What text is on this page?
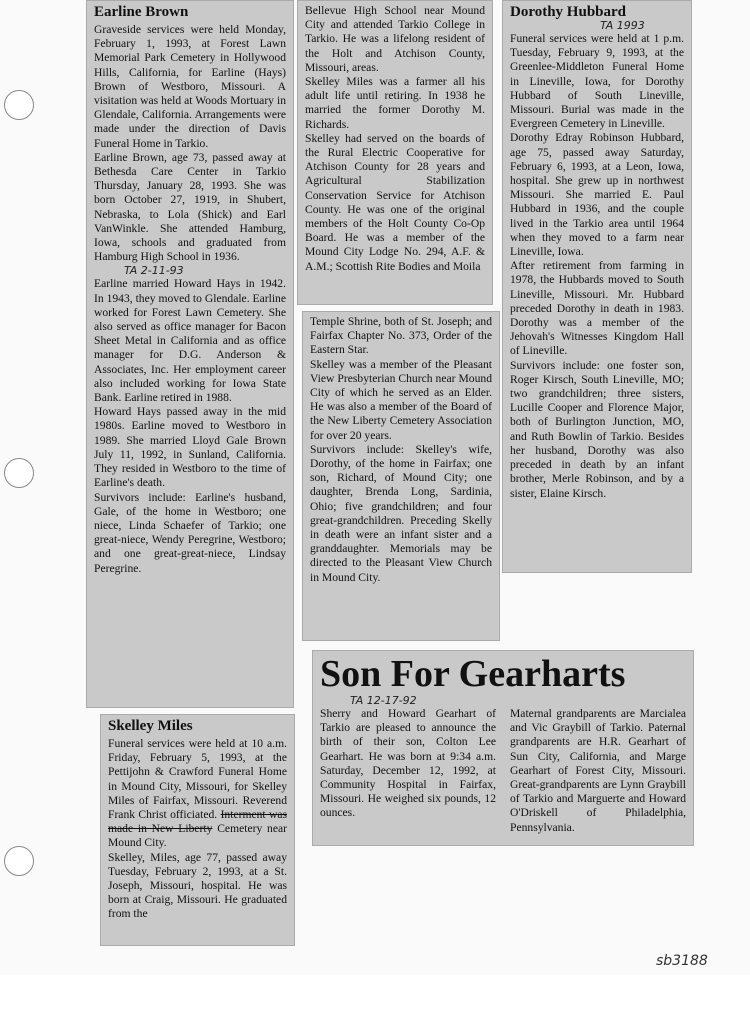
Earline Brown

Graveside services were held Monday, February 1, 1993, at Forest Lawn Memorial Park Cemetery in Hollywood Hills, California, for Earline (Hays) Brown of Westboro, Missouri. A visitation was held at Woods Mortuary in Glendale, California. Arrangements were made under the direction of Davis Funeral Home in Tarkio.

Earline Brown, age 73, passed away at Bethesda Care Center in Tarkio Thursday, January 28, 1993. She was born October 27, 1919, in Shubert, Nebraska, to Lola (Shick) and Earl VanWinkle. She attended Hamburg, Iowa, schools and graduated from Hamburg High School in 1936.

TA 2-11-93

Earline married Howard Hays in 1942. In 1943, they moved to Glendale. Earline worked for Forest Lawn Cemetery. She also served as office manager for Bacon Sheet Metal in California and as office manager for D.G. Anderson & Associates, Inc. Her employment career also included working for Iowa State Bank. Earline retired in 1988.

Howard Hays passed away in the mid 1980s. Earline moved to Westboro in 1989. She married Lloyd Gale Brown July 11, 1992, in Sunland, California. They resided in Westboro to the time of Earline's death.

Survivors include: Earline's husband, Gale, of the home in Westboro; one niece, Linda Schaefer of Tarkio; one great-niece, Wendy Peregrine, Westboro; and one great-great-niece, Lindsay Peregrine.

Skelley Miles

Funeral services were held at 10 a.m. Friday, February 5, 1993, at the Pettijohn & Crawford Funeral Home in Mound City, Missouri, for Skelley Miles of Fairfax, Missouri. Reverend Frank Christ officiated. Interment was made in New Liberty Cemetery near Mound City.

Skelley, Miles, age 77, passed away Tuesday, February 2, 1993, at a St. Joseph, Missouri, hospital. He was born at Craig, Missouri. He graduated from the

Bellevue High School near Mound City and attended Tarkio College in Tarkio. He was a lifelong resident of the Holt and Atchison County, Missouri, areas.

Skelley Miles was a farmer all his adult life until retiring. In 1938 he married the former Dorothy M. Richards.

Skelley had served on the boards of the Rural Electric Cooperative for Atchison County for 28 years and Agricultural Stabilization Conservation Service for Atchison County. He was one of the original members of the Holt County Co-Op Board. He was a member of the Mound City Lodge No. 294, A.F. & A.M.; Scottish Rite Bodies and Moila

Temple Shrine, both of St. Joseph; and Fairfax Chapter No. 373, Order of the Eastern Star.

Skelley was a member of the Pleasant View Presbyterian Church near Mound City of which he served as an Elder. He was also a member of the Board of the New Liberty Cemetery Association for over 20 years.

Survivors include: Skelley's wife, Dorothy, of the home in Fairfax; one son, Richard, of Mound City; one daughter, Brenda Long, Sardinia, Ohio; five grandchildren; and four great-grandchildren. Preceding Skelly in death were an infant sister and a granddaughter. Memorials may be directed to the Pleasant View Church in Mound City.

Dorothy Hubbard
TA 1993

Funeral services were held at 1 p.m. Tuesday, February 9, 1993, at the Greenlee-Middleton Funeral Home in Lineville, Iowa, for Dorothy Hubbard of South Lineville, Missouri. Burial was made in the Evergreen Cemetery in Lineville.

Dorothy Edray Robinson Hubbard, age 75, passed away Saturday, February 6, 1993, at a Leon, Iowa, hospital. She grew up in northwest Missouri. She married E. Paul Hubbard in 1936, and the couple lived in the Tarkio area until 1964 when they moved to a farm near Lineville, Iowa.

After retirement from farming in 1978, the Hubbards moved to South Lineville, Missouri. Mr. Hubbard preceded Dorothy in death in 1983. Dorothy was a member of the Jehovah's Witnesses Kingdom Hall of Lineville.

Survivors include: one foster son, Roger Kirsch, South Lineville, MO; two grandchildren; three sisters, Lucille Cooper and Florence Major, both of Burlington Junction, MO, and Ruth Bowlin of Tarkio. Besides her husband, Dorothy was also preceded in death by an infant brother, Merle Robinson, and by a sister, Elaine Kirsch.

Son For Gearharts
TA 12-17-92

Sherry and Howard Gearhart of Tarkio are pleased to announce the birth of their son, Colton Lee Gearhart. He was born at 9:34 a.m. Saturday, December 12, 1992, at Community Hospital in Fairfax, Missouri. He weighed six pounds, 12 ounces.

Maternal grandparents are Marcialea and Vic Graybill of Tarkio. Paternal grandparents are H.R. Gearhart of Sun City, California, and Marge Gearhart of Forest City, Missouri. Great-grandparents are Lynn Graybill of Tarkio and Marguerte and Howard O'Driskell of Philadelphia, Pennsylvania.

sb3188
